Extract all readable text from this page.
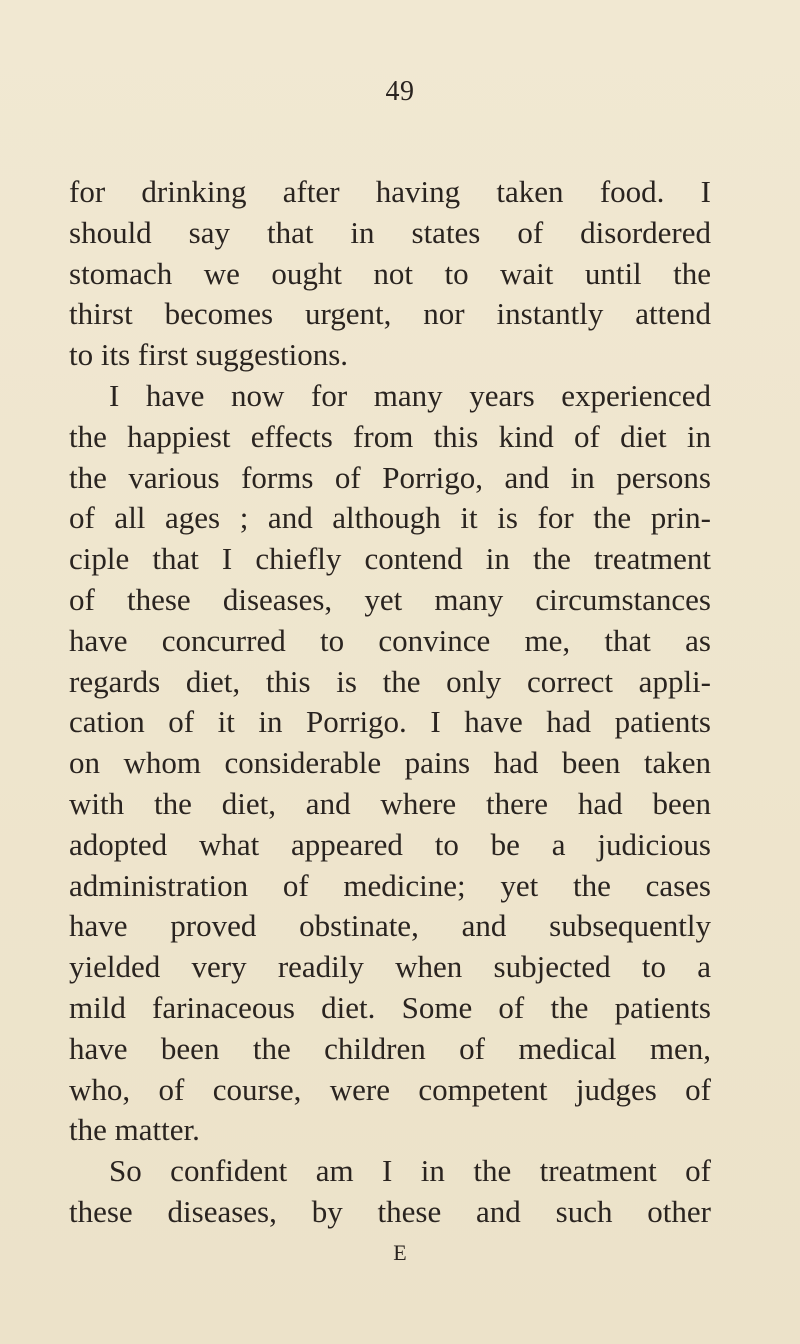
49
for drinking after having taken food. I
should say that in states of disordered
stomach we ought not to wait until the
thirst becomes urgent, nor instantly attend
to its first suggestions.
I have now for many years experienced
the happiest effects from this kind of diet in
the various forms of Porrigo, and in persons
of all ages ; and although it is for the prin-
ciple that I chiefly contend in the treatment
of these diseases, yet many circumstances
have concurred to convince me, that as
regards diet, this is the only correct appli-
cation of it in Porrigo. I have had patients
on whom considerable pains had been taken
with the diet, and where there had been
adopted what appeared to be a judicious
administration of medicine; yet the cases
have proved obstinate, and subsequently
yielded very readily when subjected to a
mild farinaceous diet. Some of the patients
have been the children of medical men,
who, of course, were competent judges of
the matter.
So confident am I in the treatment of
these diseases, by these and such other
E
